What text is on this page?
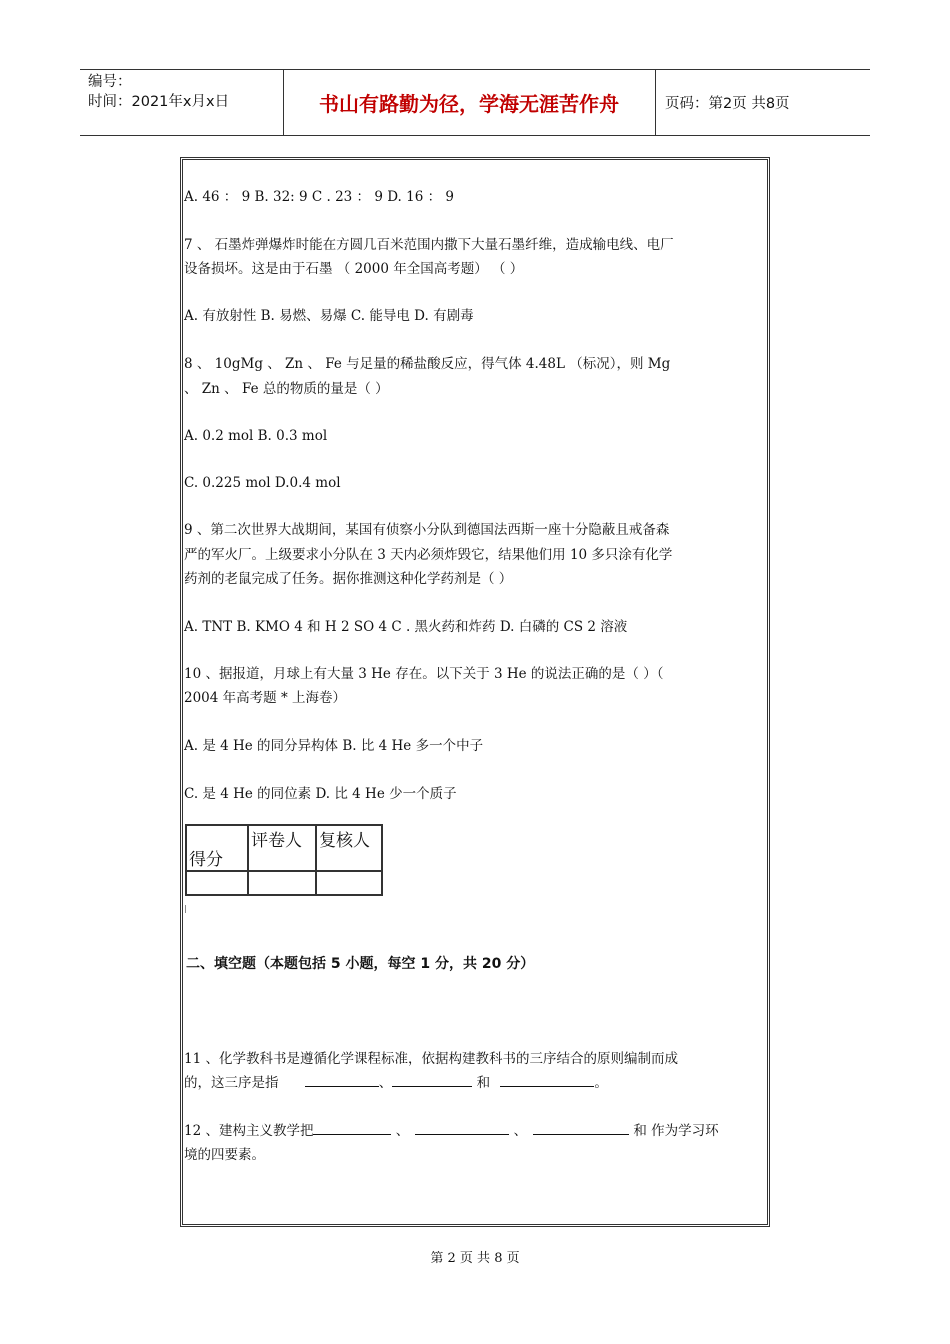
编号：
时间：2021年x月x日	书山有路勤为径，学海无涯苦作舟	页码：第2页 共8页
A. 46 ： 9 B. 32: 9 C . 23 ： 9 D. 16 ： 9
7 、 石墨炸弹爆炸时能在方圆几百米范围内撒下大量石墨纤维，造成输电线、电厂
设备损坏。这是由于石墨 （ 2000 年全国高考题） （ ）
A. 有放射性 B. 易燃、易爆 C. 能导电 D. 有剧毒
8 、 10gMg 、 Zn 、 Fe 与足量的稀盐酸反应，得气体 4.48L （标况），则 Mg
、 Zn 、 Fe 总的物质的量是（ ）
A. 0.2 mol B. 0.3 mol
C. 0.225 mol D.0.4 mol
9 、第二次世界大战期间，某国有侦察小分队到德国法西斯一座十分隐蔽且戒备森
严的军火厂。上级要求小分队在 3 天内必须炸毁它，结果他们用 10 多只涂有化学
药剂的老鼠完成了任务。据你推测这种化学药剂是（ ）
A. TNT B. KMO 4 和 H 2 SO 4 C . 黑火药和炸药 D. 白磷的 CS 2 溶液
10 、据报道，月球上有大量 3 He 存在。以下关于 3 He 的说法正确的是（ ）（
2004 年高考题 * 上海卷）
A. 是 4 He 的同分异构体 B. 比 4 He 多一个中子
C. 是 4 He 的同位素 D. 比 4 He 少一个质子
得分	评卷人	复核人

二、填空题（本题包括 5 小题，每空 1 分，共 20 分）
11 、化学教科书是遵循化学课程标准，依据构建教科书的三序结合的原则编制而成
的，这三序是指	、	和	。
12 、建构主义教学把	、	、	和 作为学习环
境的四要素。
第 2 页 共 8 页
